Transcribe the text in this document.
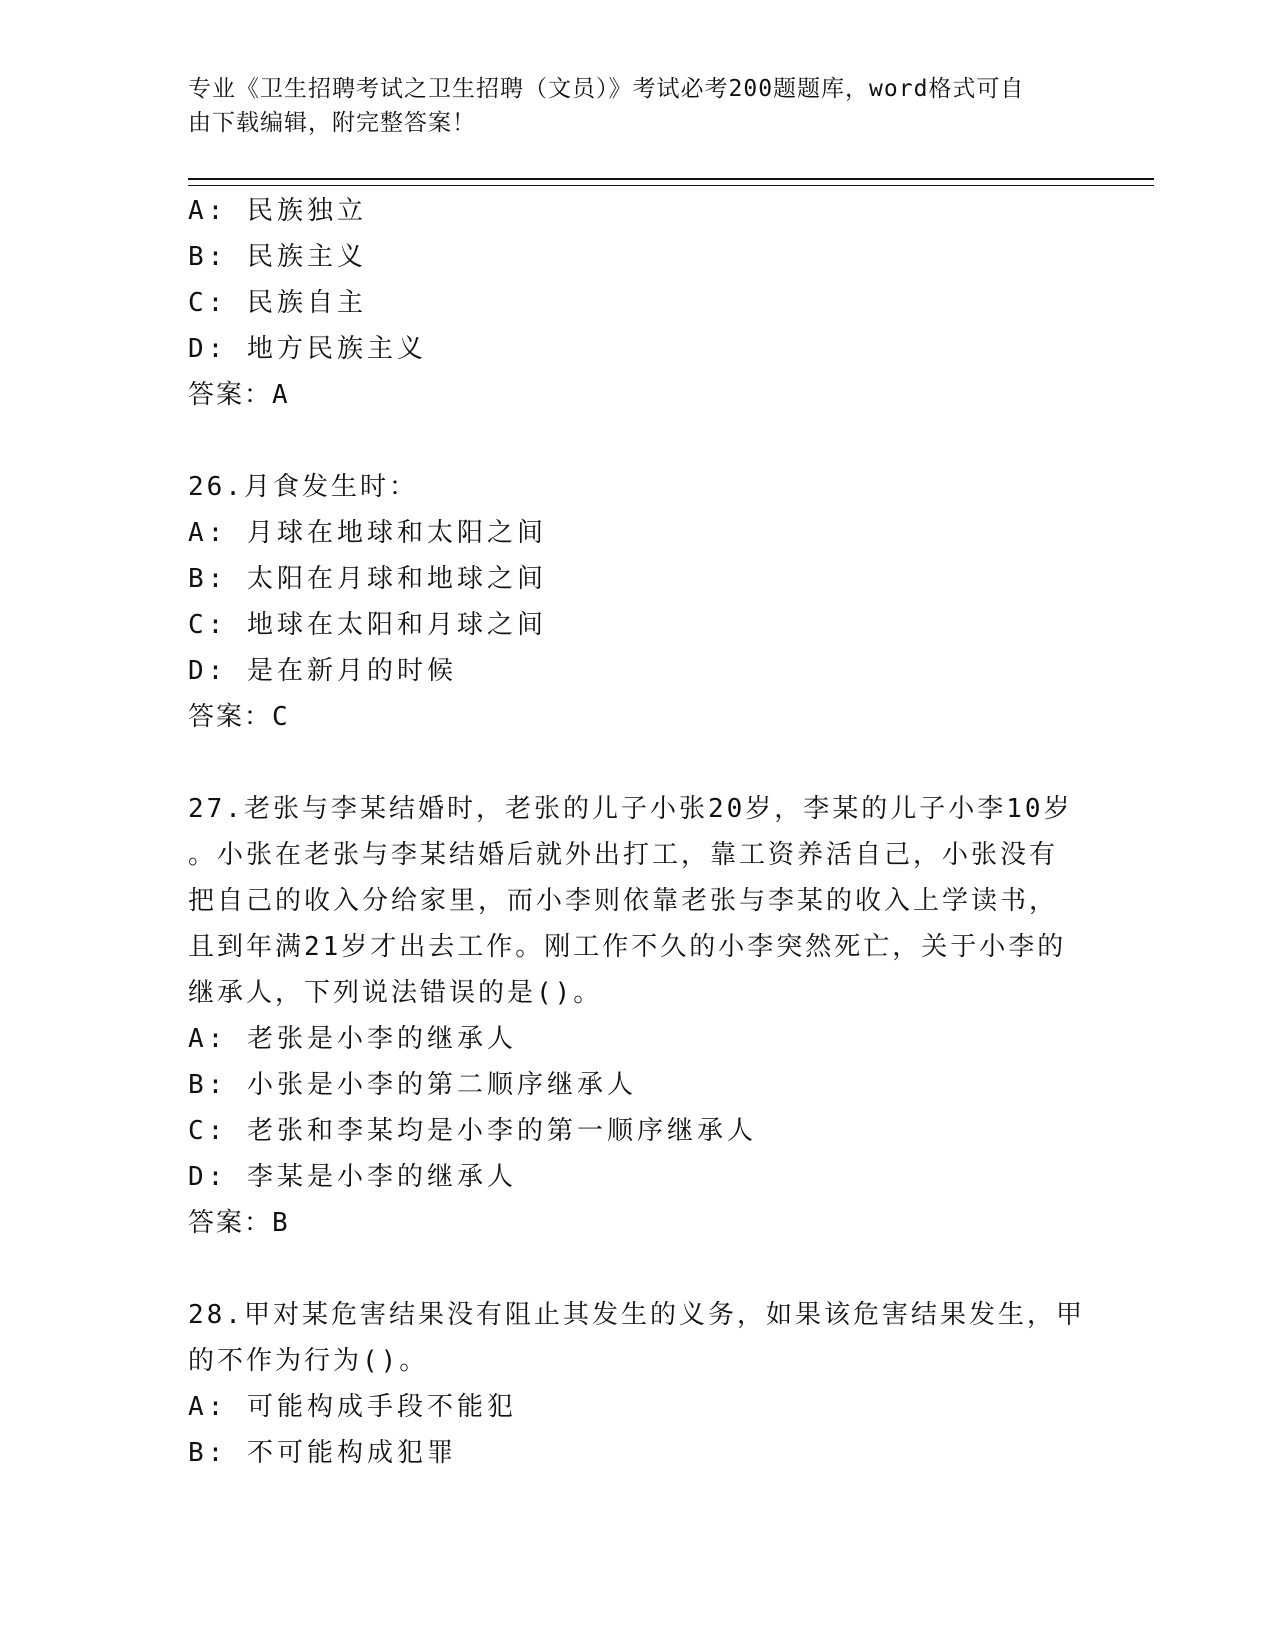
专业《卫生招聘考试之卫生招聘（文员）》考试必考200题题库，word格式可自
由下载编辑，附完整答案！
A: 民族独立
B: 民族主义
C: 民族自主
D: 地方民族主义
答案：A
26.月食发生时：
A: 月球在地球和太阳之间
B: 太阳在月球和地球之间
C: 地球在太阳和月球之间
D: 是在新月的时候
答案：C
27.老张与李某结婚时，老张的儿子小张20岁，李某的儿子小李10岁
。小张在老张与李某结婚后就外出打工，靠工资养活自己，小张没有
把自己的收入分给家里，而小李则依靠老张与李某的收入上学读书，
且到年满21岁才出去工作。刚工作不久的小李突然死亡，关于小李的
继承人，下列说法错误的是()。
A: 老张是小李的继承人
B: 小张是小李的第二顺序继承人
C: 老张和李某均是小李的第一顺序继承人
D: 李某是小李的继承人
答案：B
28.甲对某危害结果没有阻止其发生的义务，如果该危害结果发生，甲
的不作为行为()。
A: 可能构成手段不能犯
B: 不可能构成犯罪
